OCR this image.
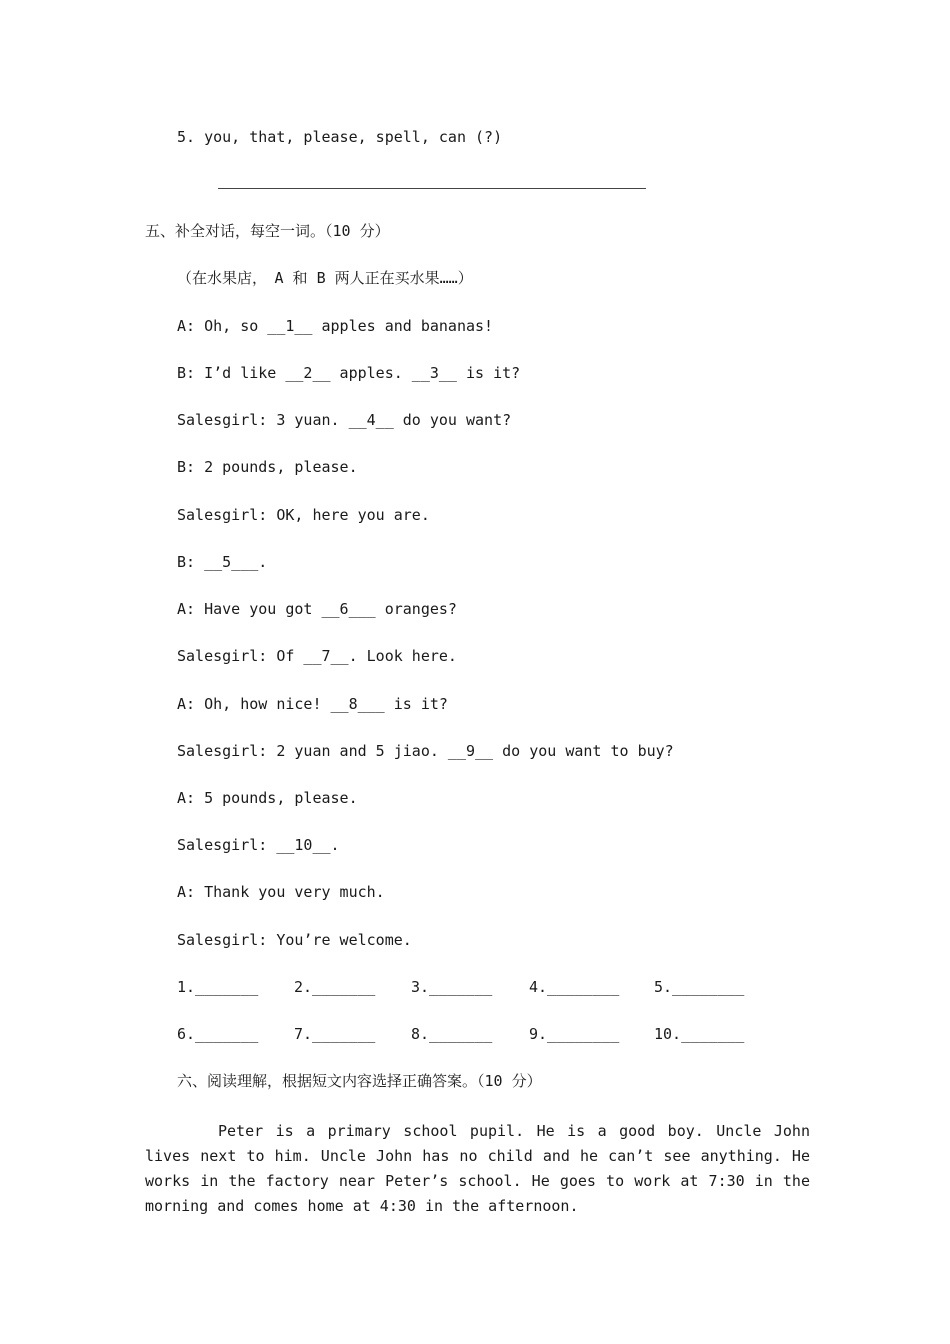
5. you, that, please, spell, can (?)
五、补全对话，每空一词。（10 分）
（在水果店，　A 和 B 两人正在买水果……）
A: Oh, so __1__ apples and bananas!
B: I’d like __2__ apples. __3__ is it?
Salesgirl: 3 yuan. __4__ do you want?
B: 2 pounds, please.
Salesgirl: OK, here you are.
B: __5___.
A: Have you got __6___ oranges?
Salesgirl: Of __7__. Look here.
A: Oh, how nice! __8___ is it?
Salesgirl: 2 yuan and 5 jiao. __9__ do you want to buy?
A: 5 pounds, please.
Salesgirl: __10__.
A: Thank you very much.
Salesgirl: You’re welcome.
1._______ 2._______ 3._______ 4.________ 5.________
6._______ 7._______ 8._______ 9.________ 10._______
六、阅读理解，根据短文内容选择正确答案。（10 分）
Peter is a primary school pupil. He is a good boy. Uncle John lives next to him. Uncle John has no child and he can’t see anything. He works in the factory near Peter’s school. He goes to work at 7:30 in the morning and comes home at 4:30 in the afternoon.
